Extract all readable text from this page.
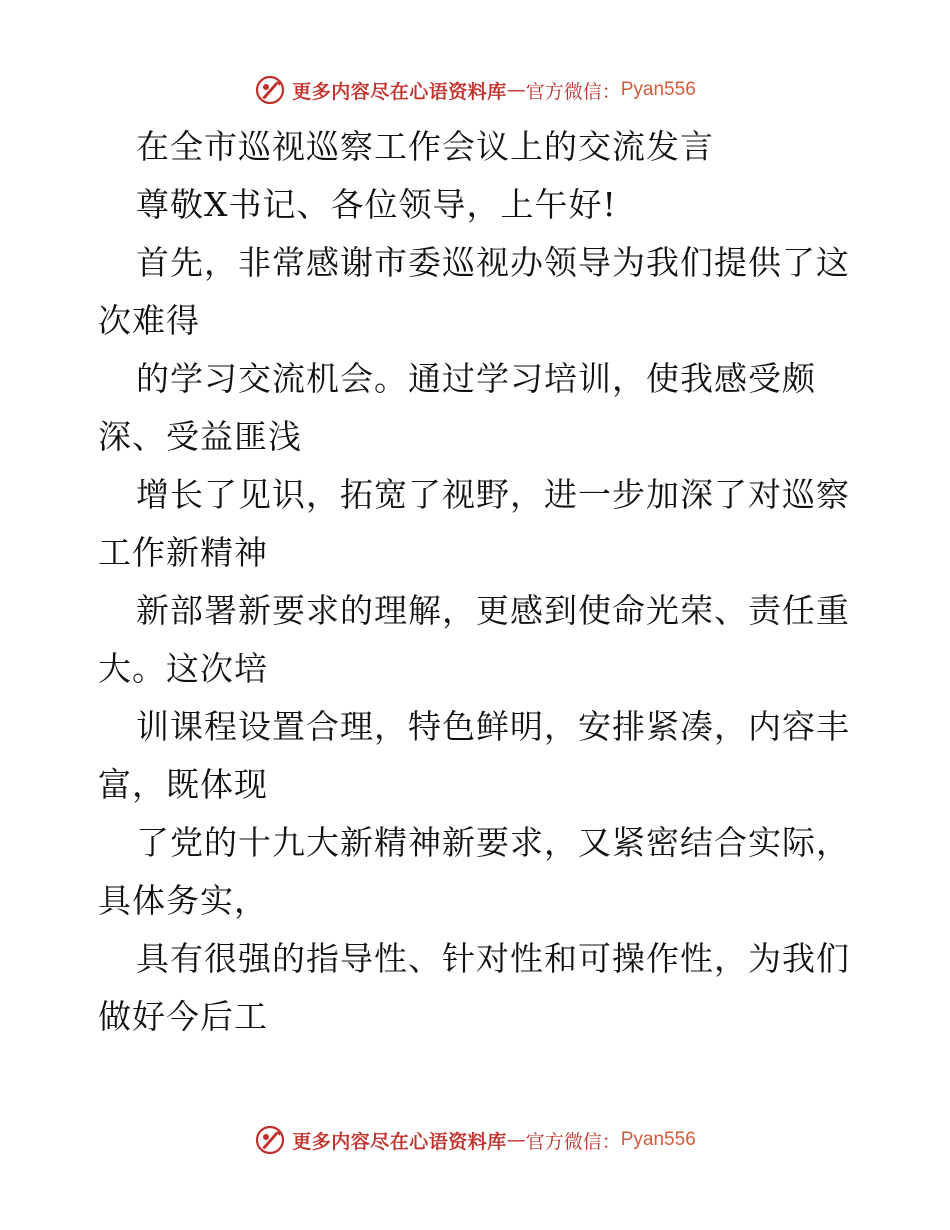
更多内容尽在心语资料库 — 官方微信： Pyan556
在全市巡视巡察工作会议上的交流发言
尊敬X书记、各位领导，上午好!
首先，非常感谢市委巡视办领导为我们提供了这
次难得
的学习交流机会。通过学习培训，使我感受颇
深、受益匪浅
增长了见识，拓宽了视野，进一步加深了对巡察
工作新精神
新部署新要求的理解，更感到使命光荣、责任重
大。这次培
训课程设置合理，特色鲜明，安排紧凑，内容丰
富，既体现
了党的十九大新精神新要求，又紧密结合实际，
具体务实，
具有很强的指导性、针对性和可操作性，为我们
做好今后工
更多内容尽在心语资料库 — 官方微信： Pyan556
